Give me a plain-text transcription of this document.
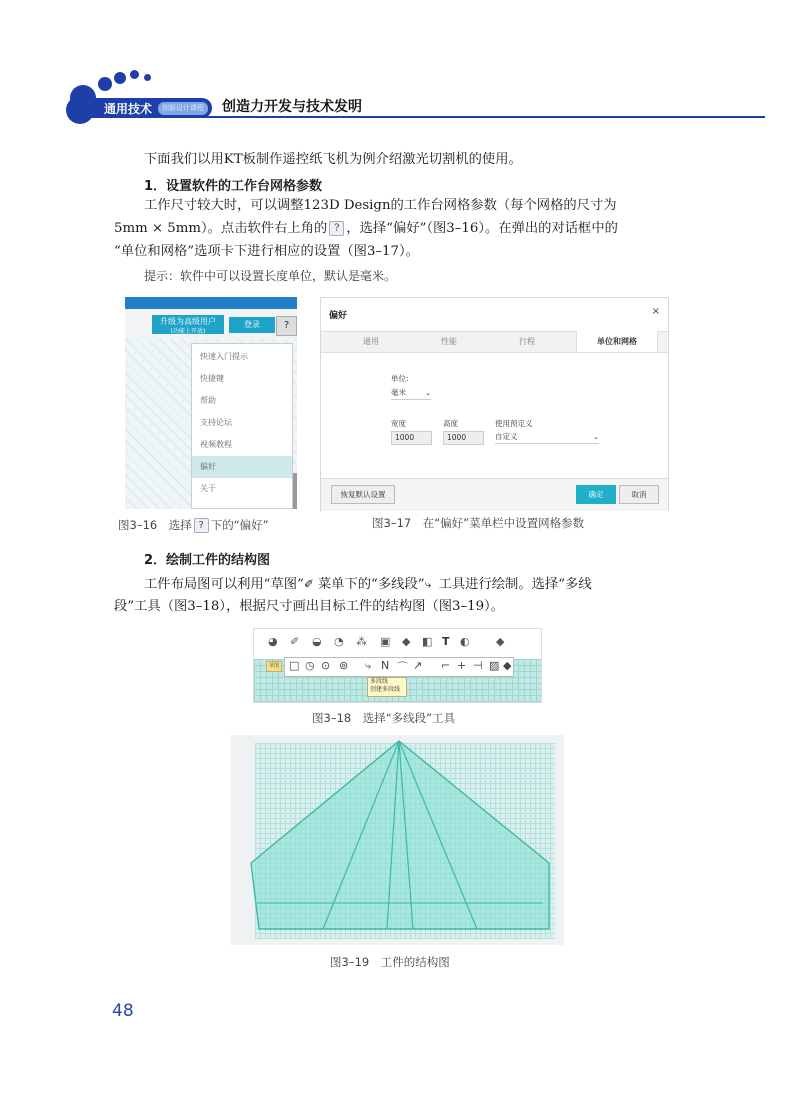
通用技术	创新设计课程 创造力开发与技术发明
下面我们以用KT板制作遥控纸飞机为例介绍激光切割机的使用。
1．设置软件的工作台网格参数
工作尺寸较大时，可以调整123D Design的工作台网格参数（每个网格的尺寸为
5mm × 5mm）。点击软件右上角的 ? ，选择“偏好”（图3–16）。在弹出的对话框中的
“单位和网格”选项卡下进行相应的设置（图3–17）。
提示：软件中可以设置长度单位，默认是毫米。
升级为高级用户
(功能上开放)
登录	?
快速入门提示
快捷键
帮助
支持论坛
视频教程
偏好
关于
图3–16　选择 ? 下的“偏好”
偏好	×
通用	性能	行程	单位和网格
单位:
毫米	⌄
宽度
1000
高度
1000
使用预定义
自定义	⌄
恢复默认设置	确定	取消
图3–17　在“偏好”菜单栏中设置网格参数
2．绘制工件的结构图
工件布局图可以利用“草图”✐ 菜单下的“多线段”⤷ 工具进行绘制。选择“多线
段”工具（图3–18），根据尺寸画出目标工件的结构图（图3–19）。
◕ ✐ ◒ ◔ ⁂ ▣ ◆ ◧ T ◐ ◆
草图 □ ◷ ⊙ ⊚ ⤷ N ⌒ ↗ ⌐ + ⊣ ▨ ◆
多段线
创建多段线
图3–18　选择“多线段”工具
图3–19　工件的结构图
48
